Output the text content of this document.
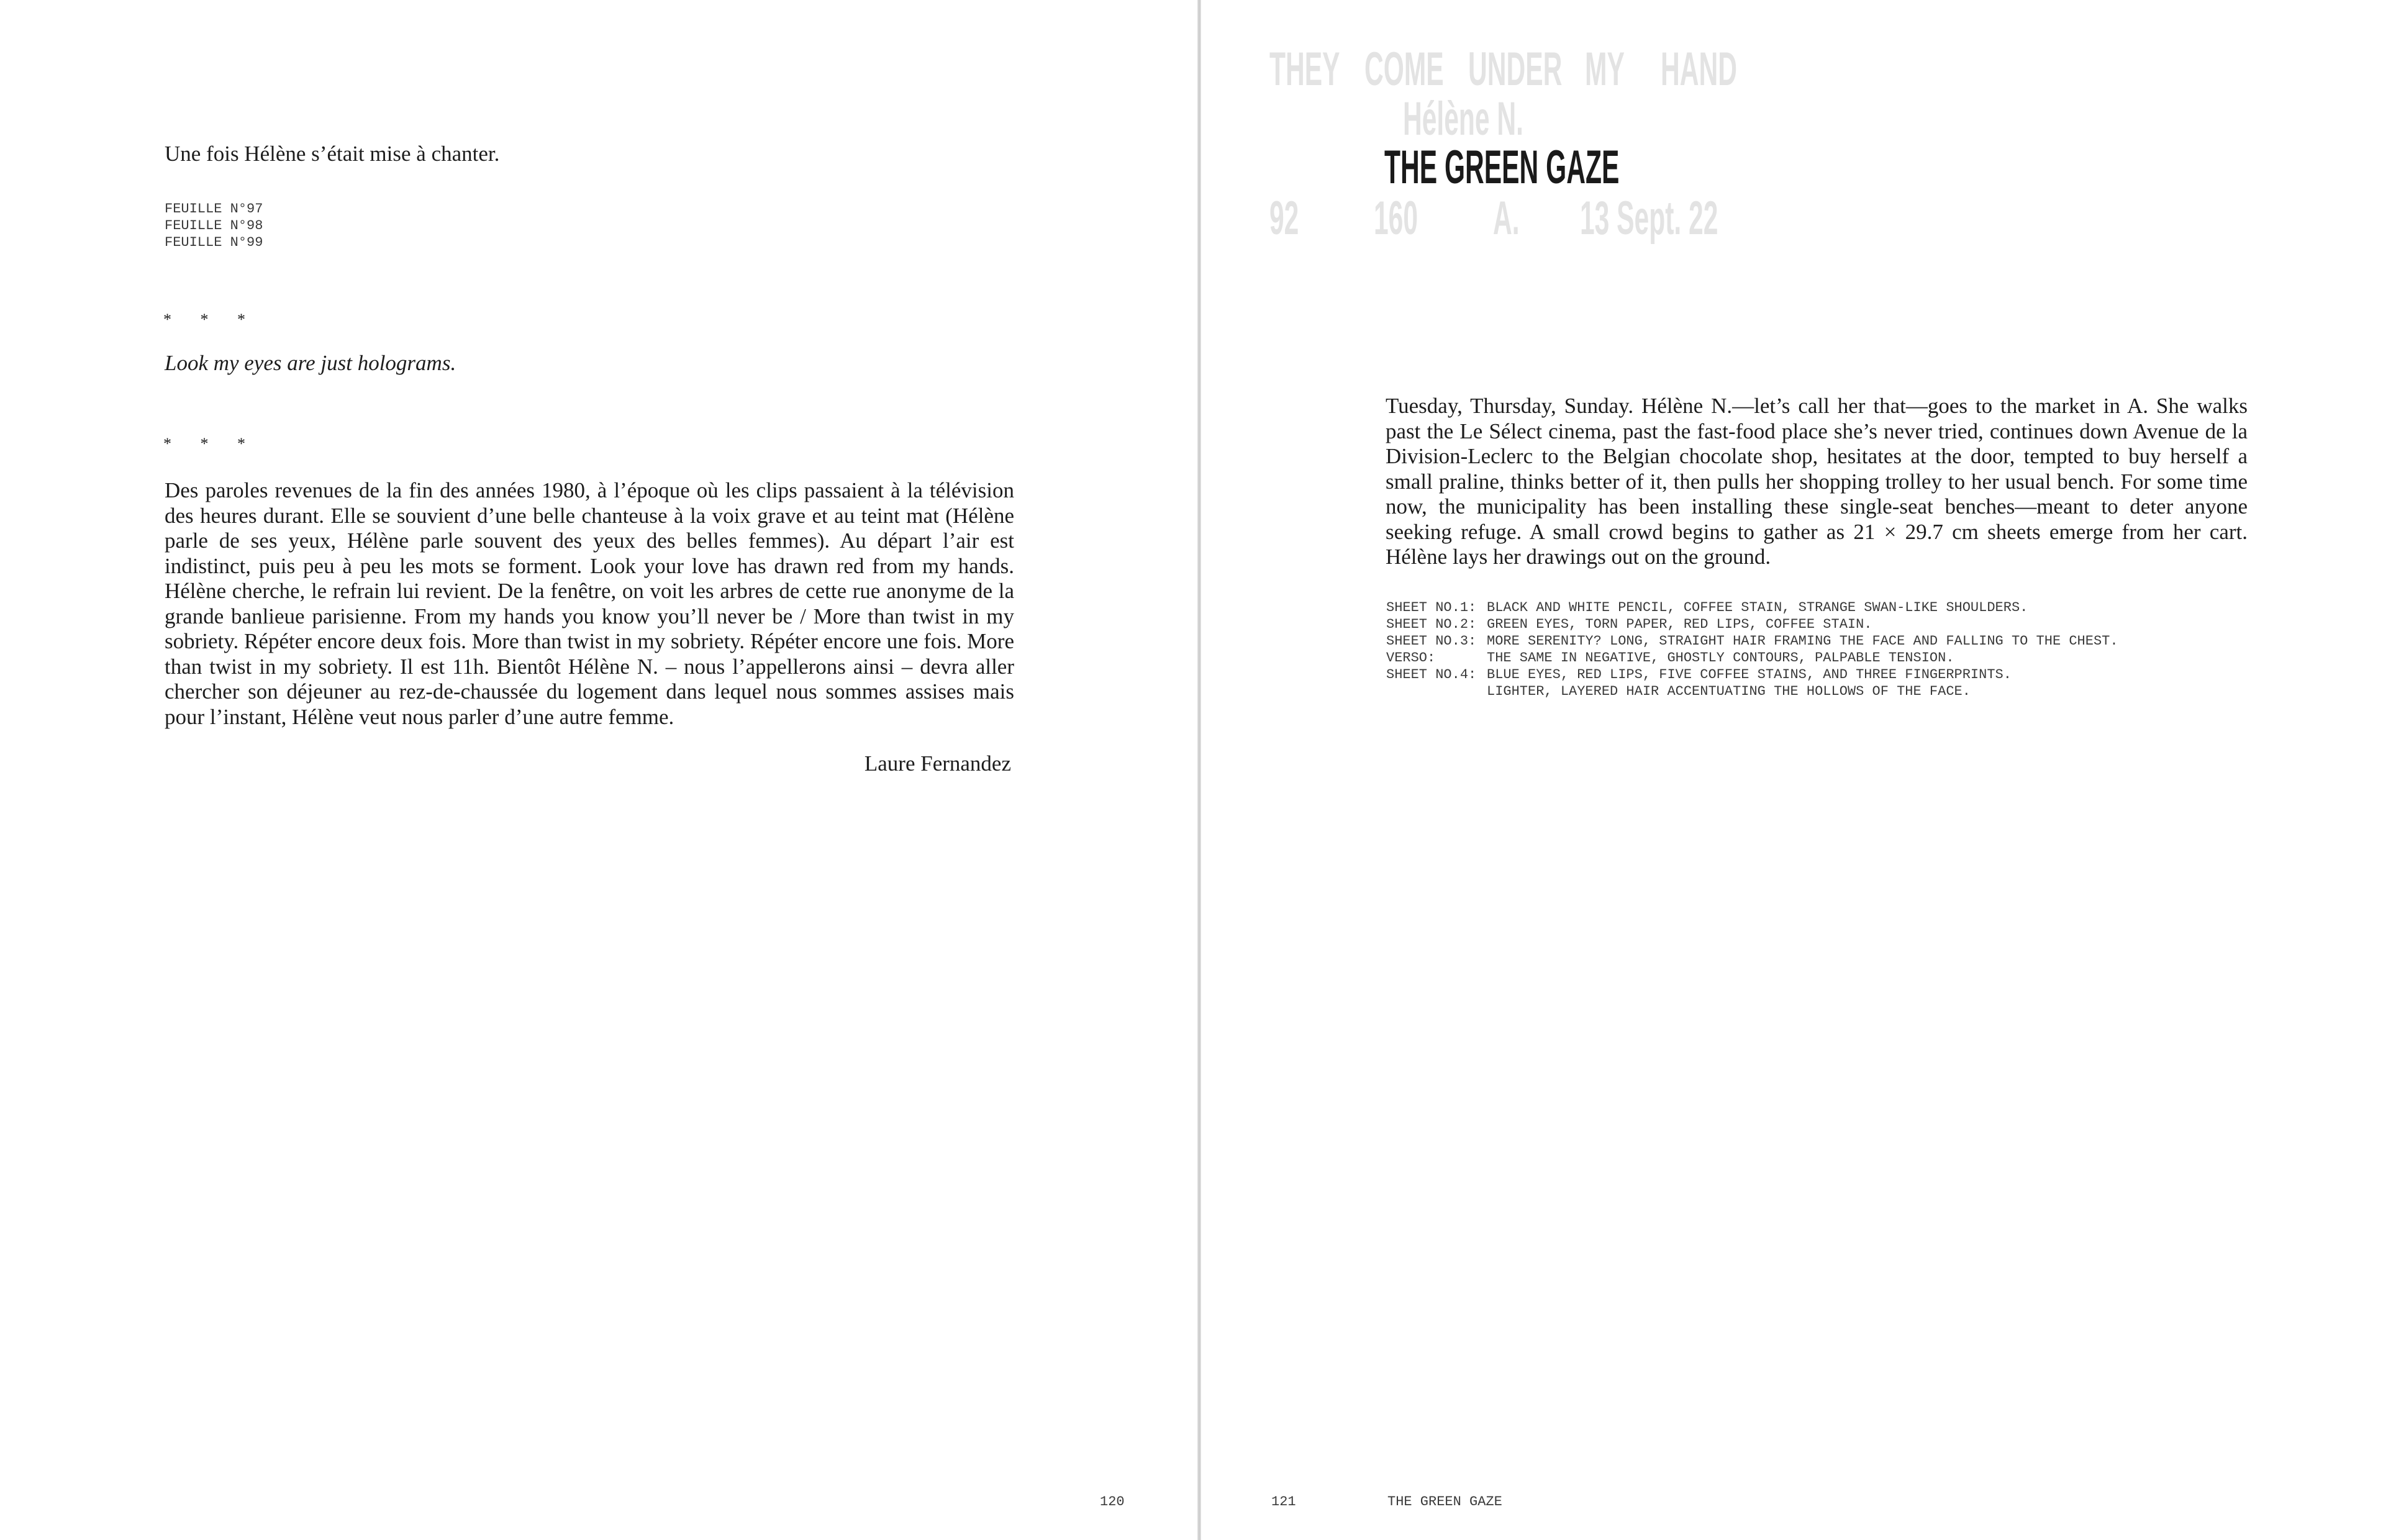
Une fois Hélène s’était mise à chanter.
FEUILLE N°97
FEUILLE N°98
FEUILLE N°99
* * *
Look my eyes are just holograms.
* * *
Des paroles revenues de la fin des années 1980, à l’époque où les clips passaient à la télévision des heures durant. Elle se souvient d’une belle chanteuse à la voix grave et au teint mat (Hélène parle de ses yeux, Hélène parle souvent des yeux des belles femmes). Au départ l’air est indistinct, puis peu à peu les mots se forment. Look your love has drawn red from my hands. Hélène cherche, le refrain lui revient. De la fenêtre, on voit les arbres de cette rue anonyme de la grande banlieue parisienne. From my hands you know you’ll never be / More than twist in my sobriety. Répéter encore deux fois. More than twist in my sobriety. Répéter encore une fois. More than twist in my sobriety. Il est 11h. Bientôt Hélène N. – nous l’appellerons ainsi – devra aller chercher son déjeuner au rez-de-chaussée du logement dans lequel nous sommes assises mais pour l’instant, Hélène veut nous parler d’une autre femme.
Laure Fernandez
120
THEY COME UNDER MY HAND
Hélène N.
THE GREEN GAZE
92 160 A. 13 Sept. 22
Tuesday, Thursday, Sunday. Hélène N.—let’s call her that—goes to the market in A. She walks past the Le Sélect cinema, past the fast-food place she’s never tried, continues down Avenue de la Division-Leclerc to the Belgian chocolate shop, hesitates at the door, tempted to buy herself a small praline, thinks better of it, then pulls her shopping trolley to her usual bench. For some time now, the municipality has been installing these single-seat benches—meant to deter anyone seeking refuge. A small crowd begins to gather as 21 × 29.7 cm sheets emerge from her cart. Hélène lays her drawings out on the ground.
SHEET NO.1:	BLACK AND WHITE PENCIL, COFFEE STAIN, STRANGE SWAN-LIKE SHOULDERS.
SHEET NO.2:	GREEN EYES, TORN PAPER, RED LIPS, COFFEE STAIN.
SHEET NO.3:	MORE SERENITY? LONG, STRAIGHT HAIR FRAMING THE FACE AND FALLING TO THE CHEST.
VERSO:	THE SAME IN NEGATIVE, GHOSTLY CONTOURS, PALPABLE TENSION.
SHEET NO.4:	BLUE EYES, RED LIPS, FIVE COFFEE STAINS, AND THREE FINGERPRINTS.
	LIGHTER, LAYERED HAIR ACCENTUATING THE HOLLOWS OF THE FACE.
121	THE GREEN GAZE
